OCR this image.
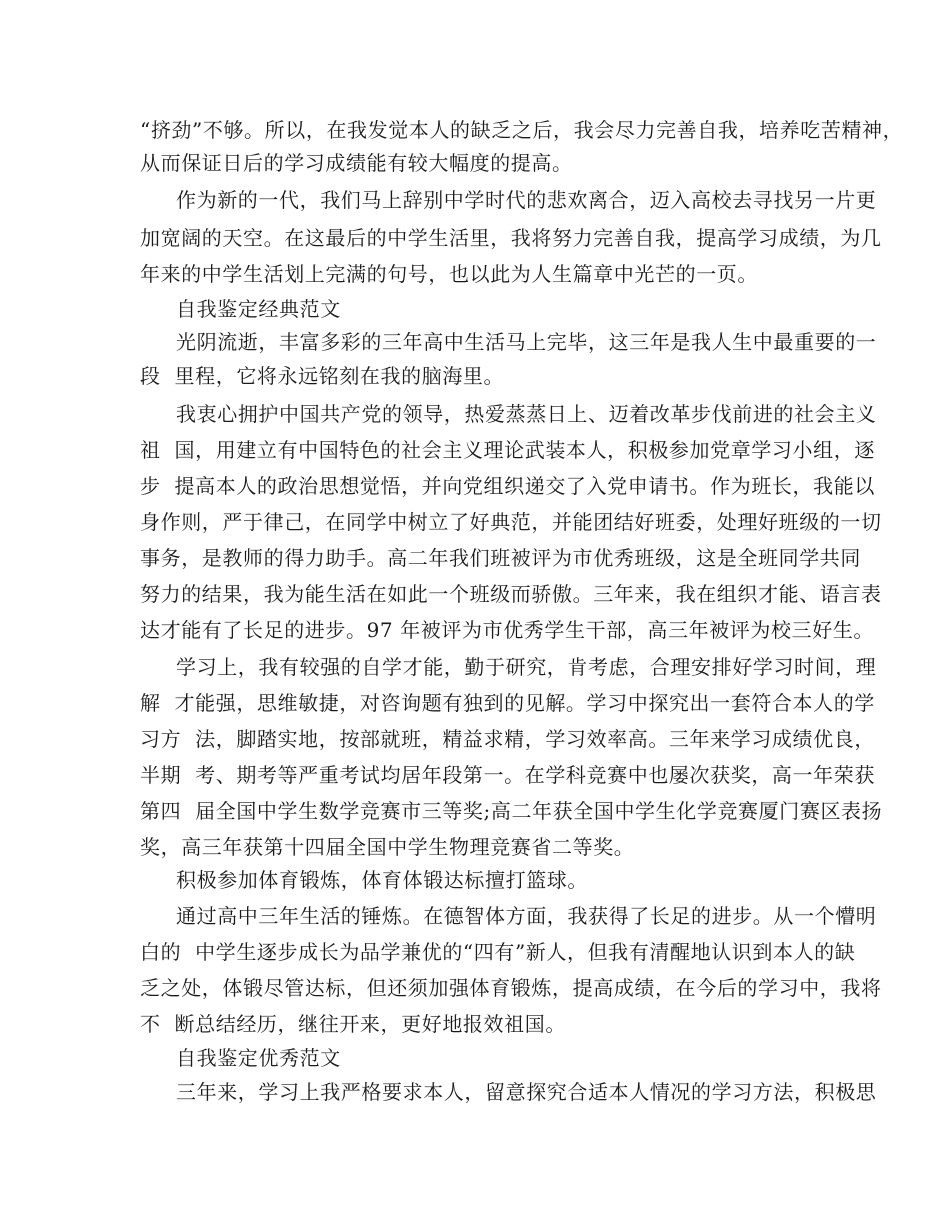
“挤劲”不够。所以，在我发觉本人的缺乏之后，我会尽力完善自我，培养吃苦精神，
从而保证日后的学习成绩能有较大幅度的提高。
作为新的一代，我们马上辞别中学时代的悲欢离合，迈入高校去寻找另一片更
加宽阔的天空。在这最后的中学生活里，我将努力完善自我，提高学习成绩，为几
年来的中学生活划上完满的句号，也以此为人生篇章中光芒的一页。
自我鉴定经典范文
光阴流逝，丰富多彩的三年高中生活马上完毕，这三年是我人生中最重要的一
段  里程，它将永远铭刻在我的脑海里。
我衷心拥护中国共产党的领导，热爱蒸蒸日上、迈着改革步伐前进的社会主义
祖  国，用建立有中国特色的社会主义理论武装本人，积极参加党章学习小组，逐
步  提高本人的政治思想觉悟，并向党组织递交了入党申请书。作为班长，我能以
身作则，严于律己，在同学中树立了好典范，并能团结好班委，处理好班级的一切
事务，是教师的得力助手。高二年我们班被评为市优秀班级，这是全班同学共同
努力的结果，我为能生活在如此一个班级而骄傲。三年来，我在组织才能、语言表
达才能有了长足的进步。97 年被评为市优秀学生干部，高三年被评为校三好生。
学习上，我有较强的自学才能，勤于研究，肯考虑，合理安排好学习时间，理
解  才能强，思维敏捷，对咨询题有独到的见解。学习中探究出一套符合本人的学
习方  法，脚踏实地，按部就班，精益求精，学习效率高。三年来学习成绩优良，
半期  考、期考等严重考试均居年段第一。在学科竞赛中也屡次获奖，高一年荣获
第四  届全国中学生数学竞赛市三等奖;高二年获全国中学生化学竞赛厦门赛区表扬
奖，高三年获第十四届全国中学生物理竞赛省二等奖。
积极参加体育锻炼，体育体锻达标擅打篮球。
通过高中三年生活的锤炼。在德智体方面，我获得了长足的进步。从一个懵明
白的  中学生逐步成长为品学兼优的“四有”新人，但我有清醒地认识到本人的缺
乏之处，体锻尽管达标，但还须加强体育锻炼，提高成绩，在今后的学习中，我将
不  断总结经历，继往开来，更好地报效祖国。
自我鉴定优秀范文
三年来，学习上我严格要求本人，留意探究合适本人情况的学习方法，积极思
